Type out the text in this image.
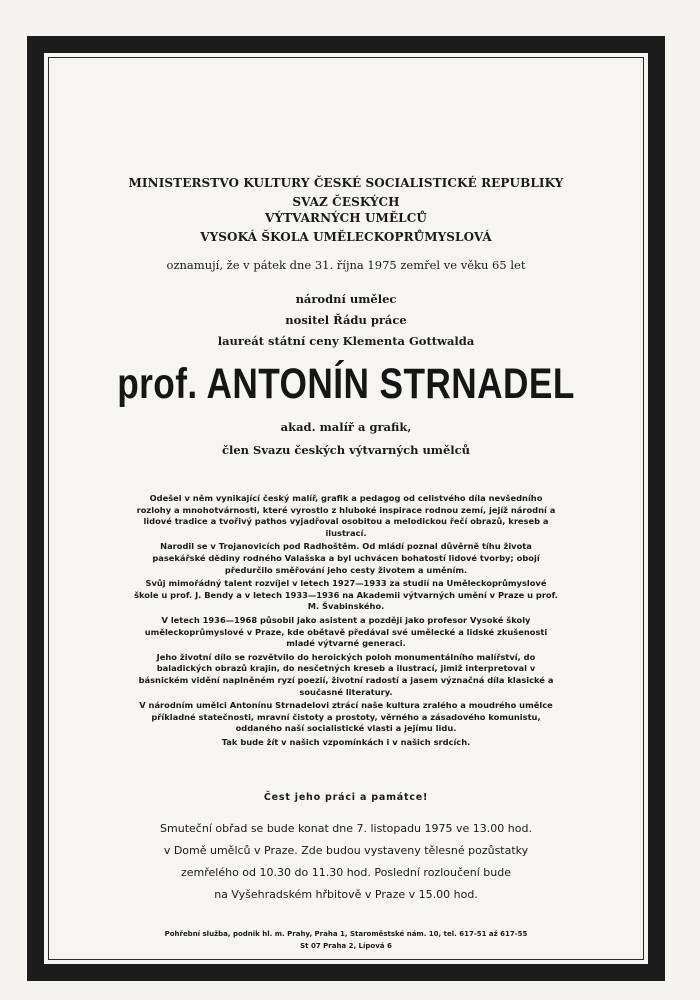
MINISTERSTVO KULTURY ČESKÉ SOCIALISTICKÉ REPUBLIKY
SVAZ ČESKÝCH
VÝTVARNÝCH UMĚLCŮ
VYSOKÁ ŠKOLA UMĚLECKOPRŮMYSLOVÁ
oznamují, že v pátek dne 31. října 1975 zemřel ve věku 65 let
národní umělec
nositel Řádu práce
laureát státní ceny Klementa Gottwalda
prof. ANTONÍN STRNADEL
akad. malíř a grafik,
člen Svazu českých výtvarných umělců

Odešel v něm vynikající český malíř, grafik a pedagog od celistvého díla nevšedního rozlohy a mnohotvárnosti, které vyrostlo z hluboké inspirace rodnou zemí, jejíž národní a lidové tradice a tvořivý pathos vyjadřoval osobitou a melodickou řečí obrazů, kreseb a ilustrací.

Narodil se v Trojanovicích pod Radhoštěm. Od mládí poznal důvěrně tíhu života pasekářské dědiny rodného Valašska a byl uchvácen bohatostí lidové tvorby; obojí předurčilo směřování jeho cesty životem a uměním.

Svůj mimořádný talent rozvíjel v letech 1927—1933 za studií na Uměleckoprůmyslové škole u prof. J. Bendy a v letech 1933—1936 na Akademii výtvarných umění v Praze u prof. M. Švabinského.

V letech 1936—1968 působil jako asistent a později jako profesor Vysoké školy uměleckoprůmyslové v Praze, kde obětavě předával své umělecké a lidské zkušenosti mladé výtvarné generaci.

Jeho životní dílo se rozvětvilo do heroických poloh monumentálního malířství, do baladických obrazů krajin, do nesčetných kreseb a ilustrací, jimiž interpretoval v básnickém vidění naplněném ryzí poezií, životní radostí a jasem význačná díla klasické a současné literatury.

V národním umělci Antonínu Strnadelovi ztrácí naše kultura zralého a moudrého umělce příkladné statečnosti, mravní čistoty a prostoty, věrného a zásadového komunistu, oddaného naší socialistické vlasti a jejímu lidu.

Tak bude žít v našich vzpomínkách i v našich srdcích.

Čest jeho práci a památce!
Smuteční obřad se bude konat dne 7. listopadu 1975 ve 13.00 hod.
v Domě umělců v Praze. Zde budou vystaveny tělesné pozůstatky
zemřelého od 10.30 do 11.30 hod. Poslední rozloučení bude
na Vyšehradském hřbitově v Praze v 15.00 hod.
Pohřební služba, podnik hl. m. Prahy, Praha 1, Staroměstské nám. 10, tel. 617-51 až 617-55
St 07 Praha 2, Lípová 6
